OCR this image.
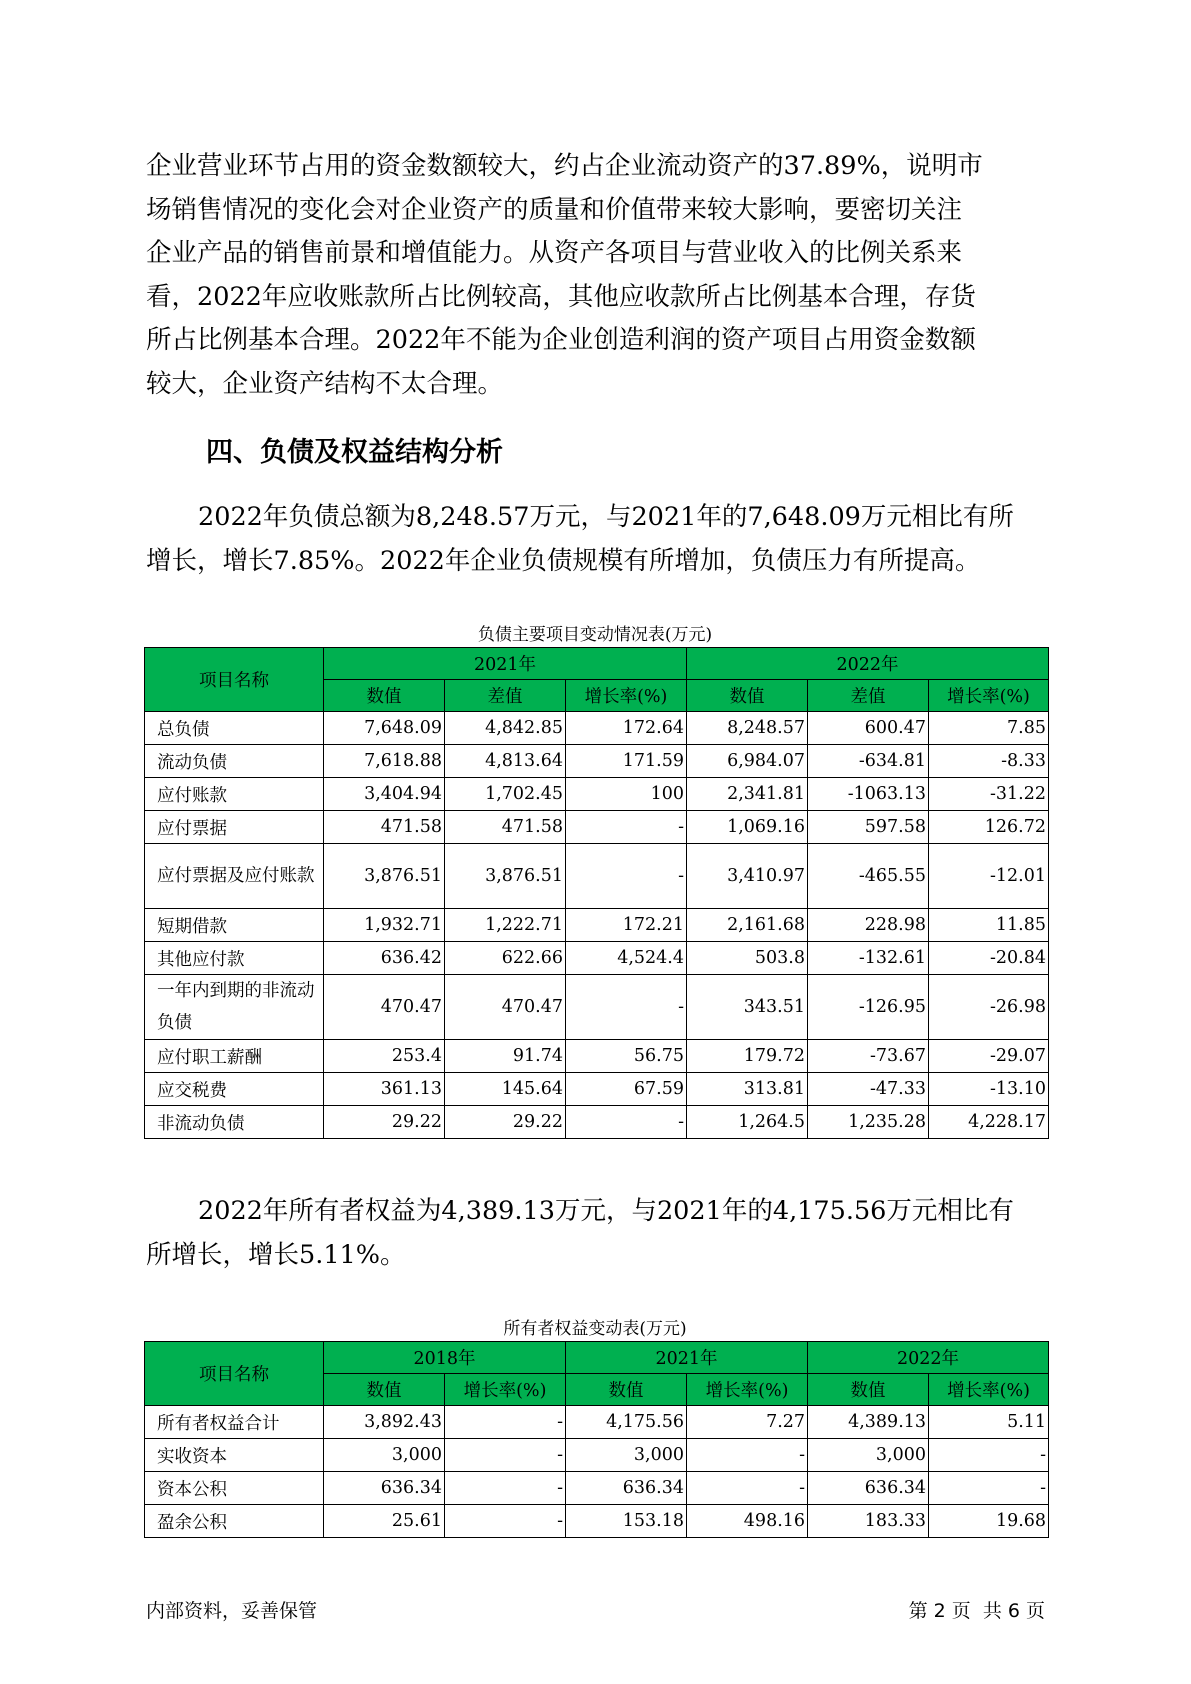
企业营业环节占用的资金数额较大，约占企业流动资产的37.89%，说明市
场销售情况的变化会对企业资产的质量和价值带来较大影响，要密切关注
企业产品的销售前景和增值能力。从资产各项目与营业收入的比例关系来
看，2022年应收账款所占比例较高，其他应收款所占比例基本合理，存货
所占比例基本合理。2022年不能为企业创造利润的资产项目占用资金数额
较大，企业资产结构不太合理。
四、负债及权益结构分析
2022年负债总额为8,248.57万元，与2021年的7,648.09万元相比有所
增长，增长7.85%。2022年企业负债规模有所增加，负债压力有所提高。
负债主要项目变动情况表(万元)
项目名称	2021年			2022年		
	数值	差值	增长率(%)	数值	差值	增长率(%)
总负债	7,648.09	4,842.85	172.64	8,248.57	600.47	7.85
流动负债	7,618.88	4,813.64	171.59	6,984.07	-634.81	-8.33
应付账款	3,404.94	1,702.45	100	2,341.81	-1063.13	-31.22
应付票据	471.58	471.58	-	1,069.16	597.58	126.72
应付票据及应付账款	3,876.51	3,876.51	-	3,410.97	-465.55	-12.01
短期借款	1,932.71	1,222.71	172.21	2,161.68	228.98	11.85
其他应付款	636.42	622.66	4,524.4	503.8	-132.61	-20.84
一年内到期的非流动负债	470.47	470.47	-	343.51	-126.95	-26.98
应付职工薪酬	253.4	91.74	56.75	179.72	-73.67	-29.07
应交税费	361.13	145.64	67.59	313.81	-47.33	-13.10
非流动负债	29.22	29.22	-	1,264.5	1,235.28	4,228.17
2022年所有者权益为4,389.13万元，与2021年的4,175.56万元相比有
所增长，增长5.11%。
所有者权益变动表(万元)
项目名称	2018年		2021年		2022年	
	数值	增长率(%)	数值	增长率(%)	数值	增长率(%)
所有者权益合计	3,892.43	-	4,175.56	7.27	4,389.13	5.11
实收资本	3,000	-	3,000	-	3,000	-
资本公积	636.34	-	636.34	-	636.34	-
盈余公积	25.61	-	153.18	498.16	183.33	19.68
内部资料，妥善保管	第 2 页  共 6 页
